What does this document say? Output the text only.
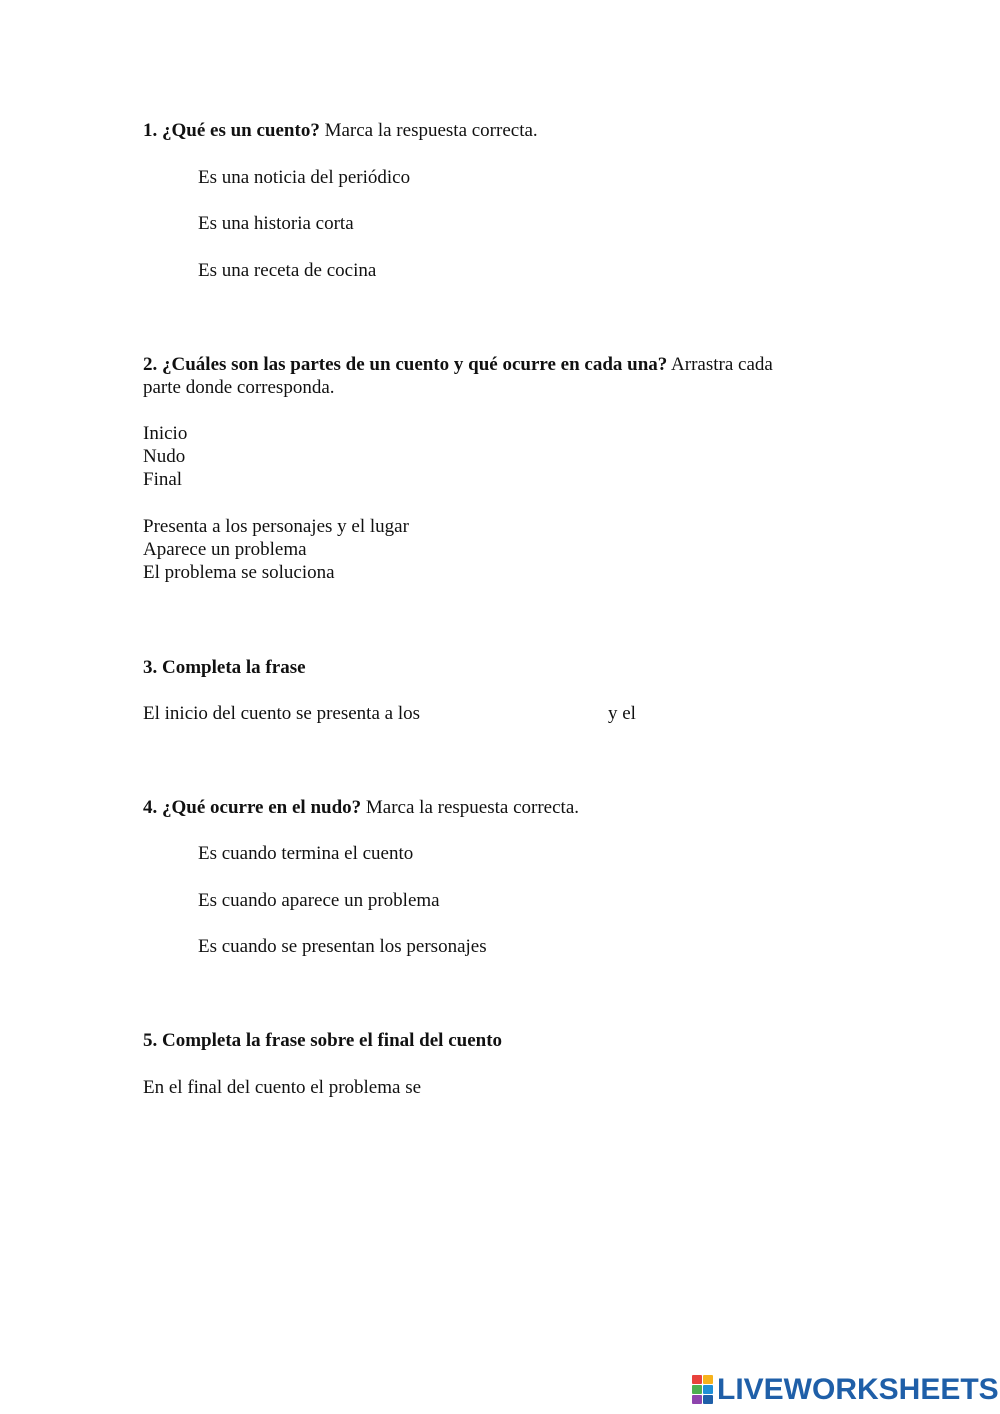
1. ¿Qué es un cuento? Marca la respuesta correcta.
Es una noticia del periódico
Es una historia corta
Es una receta de cocina
2. ¿Cuáles son las partes de un cuento y qué ocurre en cada una? Arrastra cada
parte donde corresponda.
Inicio
Nudo
Final
Presenta a los personajes y el lugar
Aparece un problema
El problema se soluciona
3. Completa la frase
El inicio del cuento se presenta a los	y el
4. ¿Qué ocurre en el nudo? Marca la respuesta correcta.
Es cuando termina el cuento
Es cuando aparece un problema
Es cuando se presentan los personajes
5. Completa la frase sobre el final del cuento
En el final del cuento el problema se
LIVEWORKSHEETS
